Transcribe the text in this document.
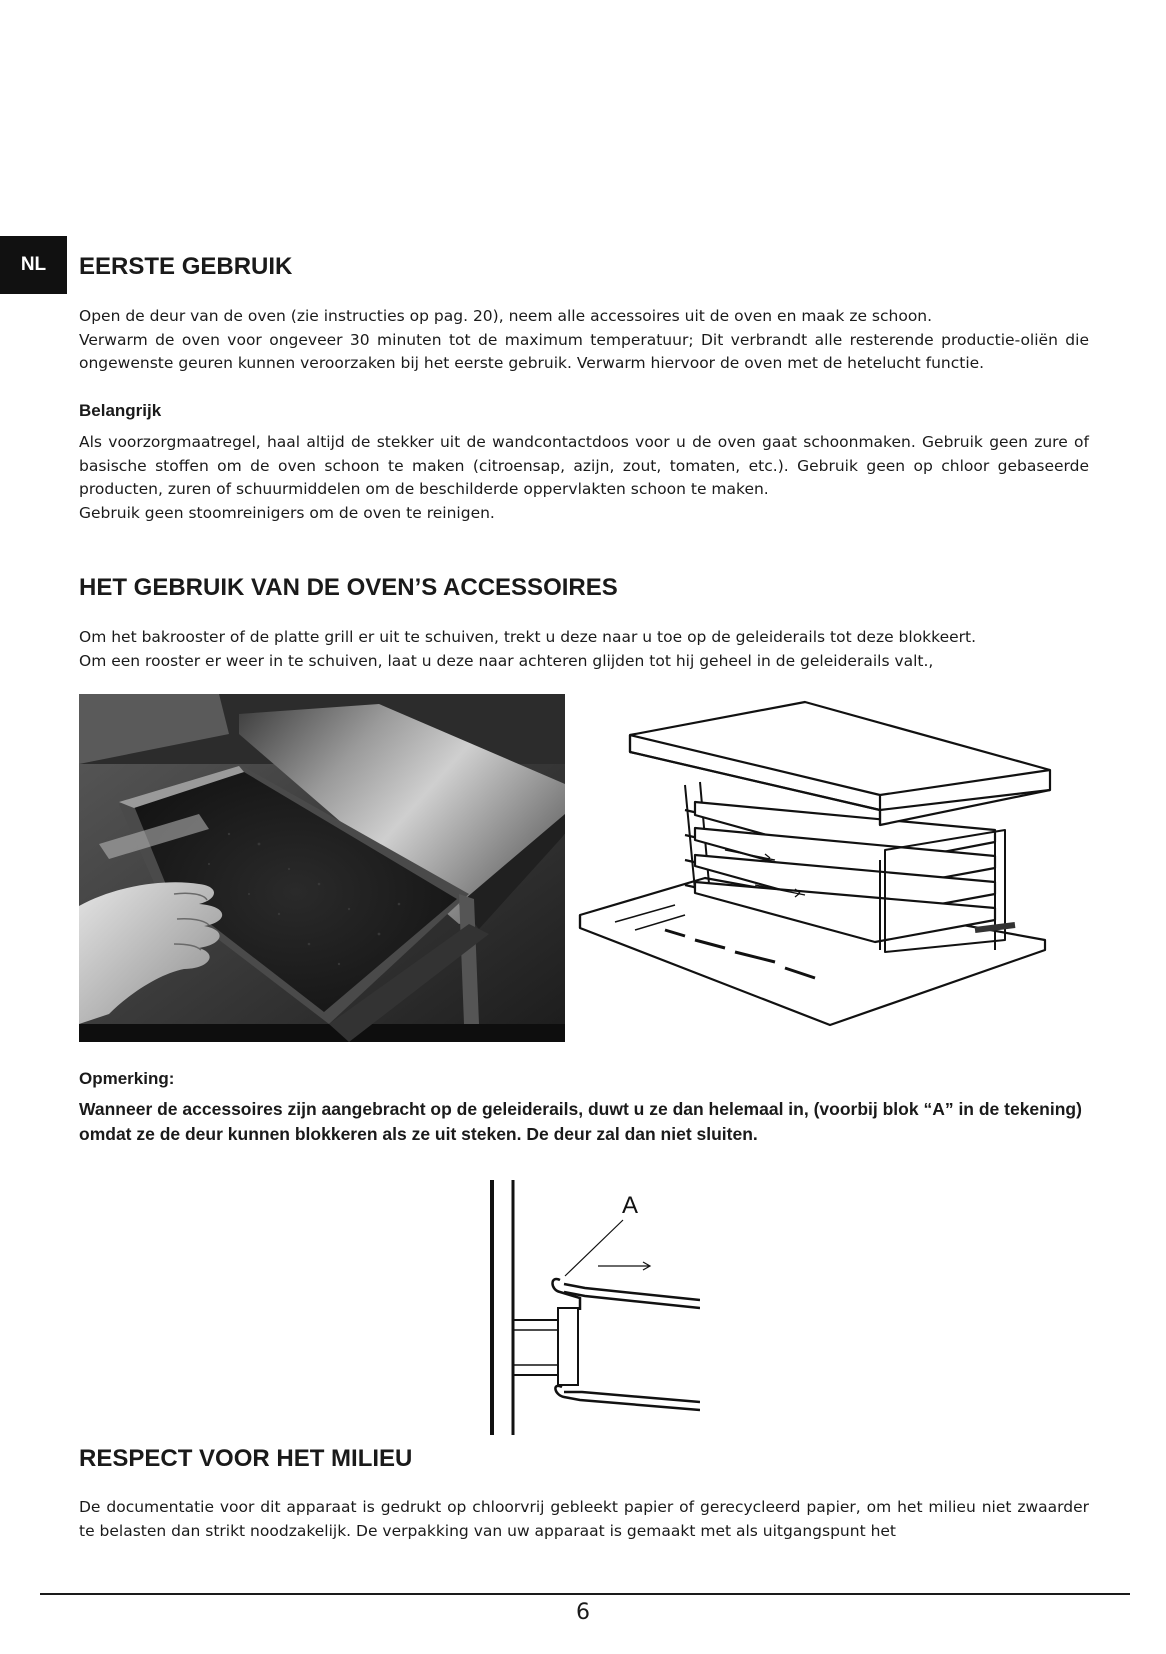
NL EERSTE GEBRUIK

Open de deur van de oven (zie instructies op pag. 20), neem alle accessoires uit de oven en maak ze schoon.

Verwarm de oven voor ongeveer 30 minuten tot de maximum temperatuur; Dit verbrandt alle resterende productie-oliën die ongewenste geuren kunnen veroorzaken bij het eerste gebruik. Verwarm hiervoor de oven met de hetelucht functie.

Belangrijk

Als voorzorgmaatregel, haal altijd de stekker uit de wandcontactdoos voor u de oven gaat schoonmaken. Gebruik geen zure of basische stoffen om de oven schoon te maken (citroensap, azijn, zout, tomaten, etc.). Gebruik geen op chloor gebaseerde producten, zuren of schuurmiddelen om de beschilderde oppervlakten schoon te maken.

Gebruik geen stoomreinigers om de oven te reinigen.

HET GEBRUIK VAN DE OVEN’S ACCESSOIRES

Om het bakrooster of de platte grill er uit te schuiven, trekt u deze naar u toe op de geleiderails tot deze blokkeert.

Om een rooster er weer in te schuiven, laat u deze naar achteren glijden tot hij geheel in de geleiderails valt.,

Opmerking:

Wanneer de accessoires zijn aangebracht op de geleiderails, duwt u ze dan helemaal in, (voorbij blok “A” in de tekening) omdat ze de deur kunnen blokkeren als ze uit steken. De deur zal dan niet sluiten.

A
RESPECT VOOR HET MILIEU

De documentatie voor dit apparaat is gedrukt op chloorvrij gebleekt papier of gerecycleerd papier, om het milieu niet zwaarder te belasten dan strikt noodzakelijk. De verpakking van uw apparaat is gemaakt met als uitgangspunt het

6
